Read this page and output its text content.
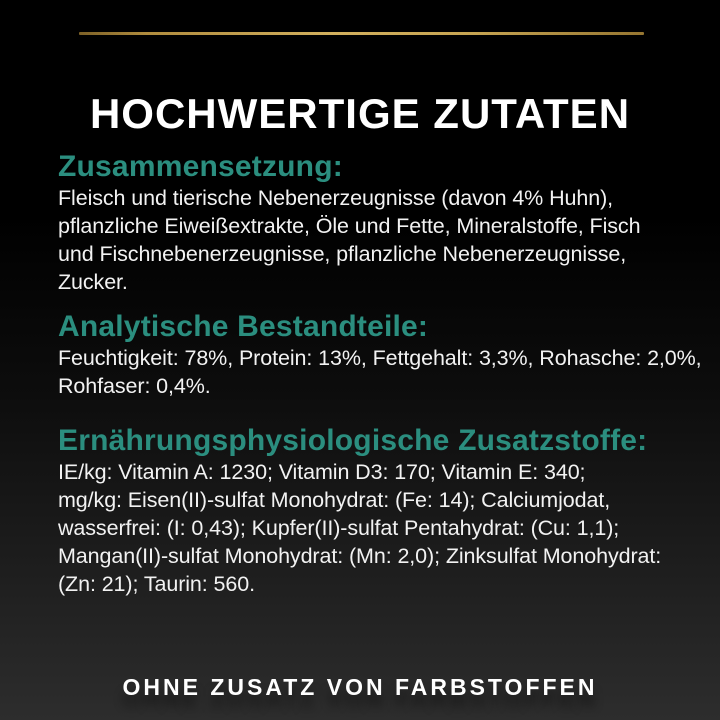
HOCHWERTIGE ZUTATEN
Zusammensetzung:
Fleisch und tierische Nebenerzeugnisse (davon 4% Huhn),
pflanzliche Eiweißextrakte, Öle und Fette, Mineralstoffe, Fisch
und Fischnebenerzeugnisse, pflanzliche Nebenerzeugnisse,
Zucker.
Analytische Bestandteile:
Feuchtigkeit: 78%, Protein: 13%, Fettgehalt: 3,3%, Rohasche: 2,0%,
Rohfaser: 0,4%.
Ernährungsphysiologische Zusatzstoffe:
IE/kg: Vitamin A: 1230; Vitamin D3: 170; Vitamin E: 340;
mg/kg: Eisen(II)-sulfat Monohydrat: (Fe: 14); Calciumjodat,
wasserfrei: (I: 0,43); Kupfer(II)-sulfat Pentahydrat: (Cu: 1,1);
Mangan(II)-sulfat Monohydrat: (Mn: 2,0); Zinksulfat Monohydrat:
(Zn: 21); Taurin: 560.
OHNE ZUSATZ VON FARBSTOFFEN
